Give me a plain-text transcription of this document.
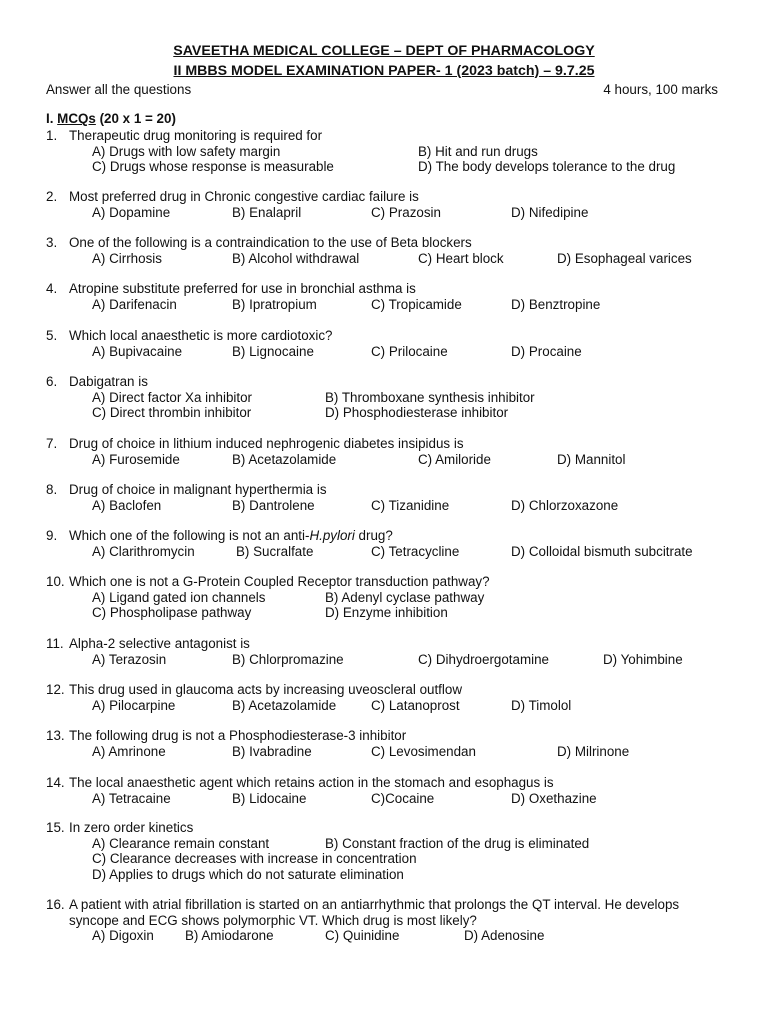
SAVEETHA MEDICAL COLLEGE – DEPT OF PHARMACOLOGY
II MBBS MODEL EXAMINATION PAPER- 1 (2023 batch) – 9.7.25
Answer all the questions	4 hours, 100 marks
I. MCQs (20 x 1 = 20)
1. Therapeutic drug monitoring is required for
A) Drugs with low safety margin	B) Hit and run drugs
C) Drugs whose response is measurable	D) The body develops tolerance to the drug
2. Most preferred drug in Chronic congestive cardiac failure is
A) Dopamine	B) Enalapril	C) Prazosin	D) Nifedipine
3. One of the following is a contraindication to the use of Beta blockers
A) Cirrhosis	B) Alcohol withdrawal	C) Heart block	D) Esophageal varices
4. Atropine substitute preferred for use in bronchial asthma is
A) Darifenacin	B) Ipratropium	C) Tropicamide	D) Benztropine
5. Which local anaesthetic is more cardiotoxic?
A) Bupivacaine	B) Lignocaine	C) Prilocaine	D) Procaine
6. Dabigatran is
A) Direct factor Xa inhibitor	B) Thromboxane synthesis inhibitor
C) Direct thrombin inhibitor	D) Phosphodiesterase inhibitor
7. Drug of choice in lithium induced nephrogenic diabetes insipidus is
A) Furosemide	B) Acetazolamide	C) Amiloride	D) Mannitol
8. Drug of choice in malignant hyperthermia is
A) Baclofen	B) Dantrolene	C) Tizanidine	D) Chlorzoxazone
9. Which one of the following is not an anti-H.pylori drug?
A) Clarithromycin	B) Sucralfate	C) Tetracycline	D) Colloidal bismuth subcitrate
10. Which one is not a G-Protein Coupled Receptor transduction pathway?
A) Ligand gated ion channels	B) Adenyl cyclase pathway
C) Phospholipase pathway	D) Enzyme inhibition
11. Alpha-2 selective antagonist is
A) Terazosin	B) Chlorpromazine	C) Dihydroergotamine	D) Yohimbine
12. This drug used in glaucoma acts by increasing uveoscleral outflow
A) Pilocarpine	B) Acetazolamide	C) Latanoprost	D) Timolol
13. The following drug is not a Phosphodiesterase-3 inhibitor
A) Amrinone	B) Ivabradine	C) Levosimendan	D) Milrinone
14. The local anaesthetic agent which retains action in the stomach and esophagus is
A) Tetracaine	B) Lidocaine	C)Cocaine	D) Oxethazine
15. In zero order kinetics
A) Clearance remain constant	B) Constant fraction of the drug is eliminated
C) Clearance decreases with increase in concentration
D) Applies to drugs which do not saturate elimination
16. A patient with atrial fibrillation is started on an antiarrhythmic that prolongs the QT interval. He develops
syncope and ECG shows polymorphic VT. Which drug is most likely?
A) Digoxin B) Amiodarone	C) Quinidine	D) Adenosine
